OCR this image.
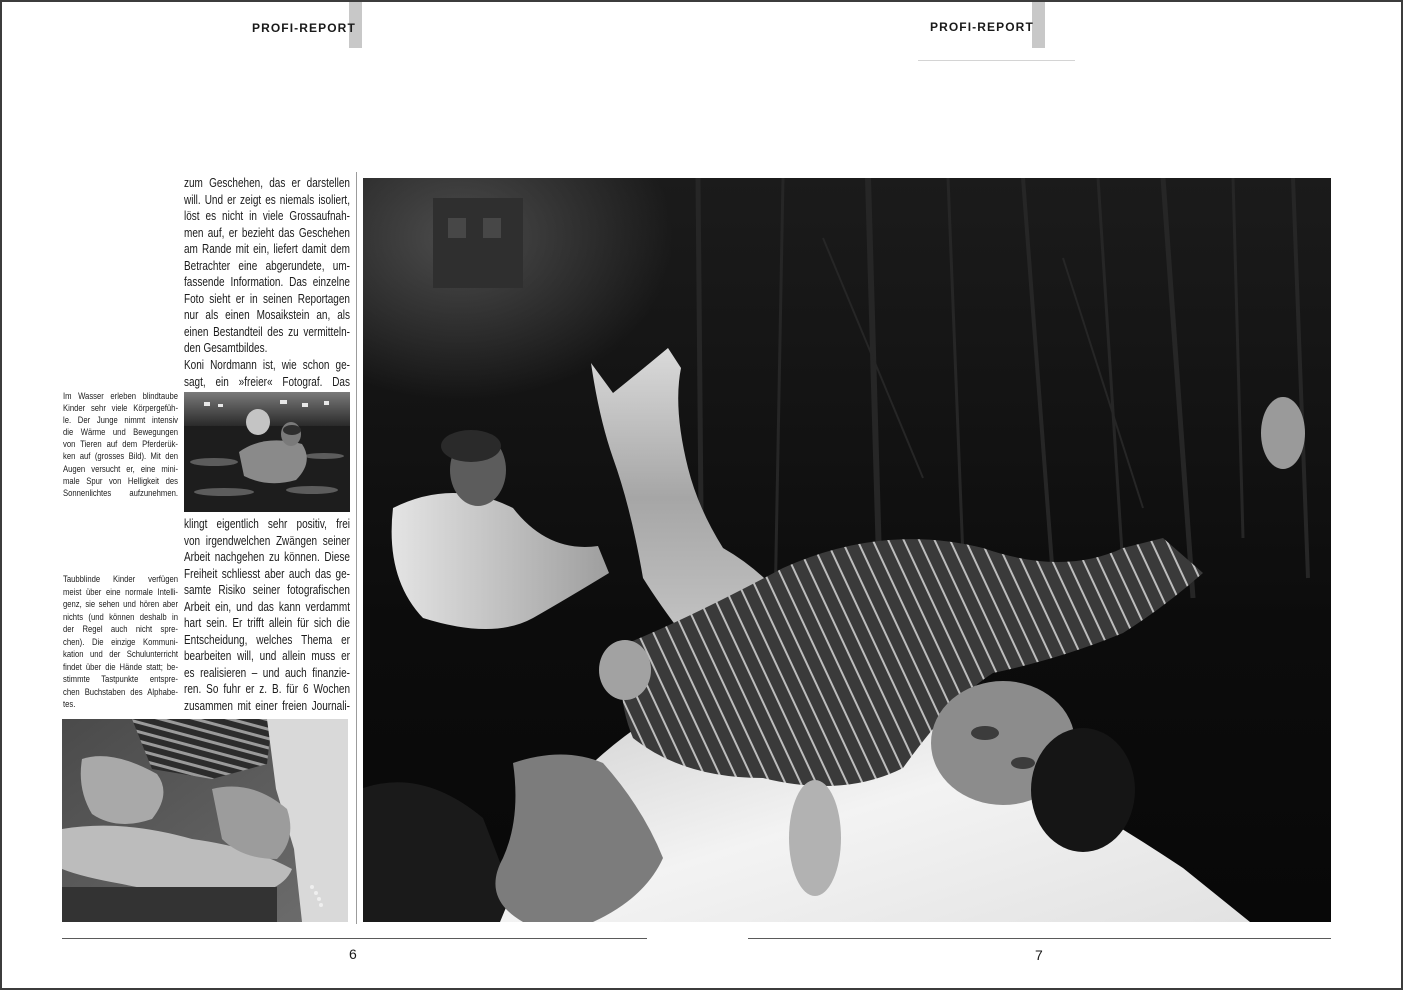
PROFI-REPORT	PROFI-REPORT
zum Geschehen, das er darstellen
will. Und er zeigt es niemals isoliert,
löst es nicht in viele Grossaufnah-
men auf, er bezieht das Geschehen
am Rande mit ein, liefert damit dem
Betrachter eine abgerundete, um-
fassende Information. Das einzelne
Foto sieht er in seinen Reportagen
nur als einen Mosaikstein an, als
einen Bestandteil des zu vermitteln-
den Gesamtbildes.
Koni Nordmann ist, wie schon ge-
sagt, ein »freier« Fotograf. Das
Im Wasser erleben blindtaube
Kinder sehr viele Körpergefüh-
le. Der Junge nimmt intensiv
die Wärme und Bewegungen
von Tieren auf dem Pferderük-
ken auf (grosses Bild). Mit den
Augen versucht er, eine mini-
male Spur von Helligkeit des
Sonnenlichtes aufzunehmen.
klingt eigentlich sehr positiv, frei
von irgendwelchen Zwängen seiner
Arbeit nachgehen zu können. Diese
Freiheit schliesst aber auch das ge-
samte Risiko seiner fotografischen
Arbeit ein, und das kann verdammt
hart sein. Er trifft allein für sich die
Entscheidung, welches Thema er
bearbeiten will, und allein muss er
es realisieren – und auch finanzie-
ren. So fuhr er z. B. für 6 Wochen
zusammen mit einer freien Journali-
Taubblinde Kinder verfügen
meist über eine normale Intelli-
genz, sie sehen und hören aber
nichts (und können deshalb in
der Regel auch nicht spre-
chen). Die einzige Kommuni-
kation und der Schulunterricht
findet über die Hände statt; be-
stimmte Tastpunkte entspre-
chen Buchstaben des Alphabe-
tes.
6	7
